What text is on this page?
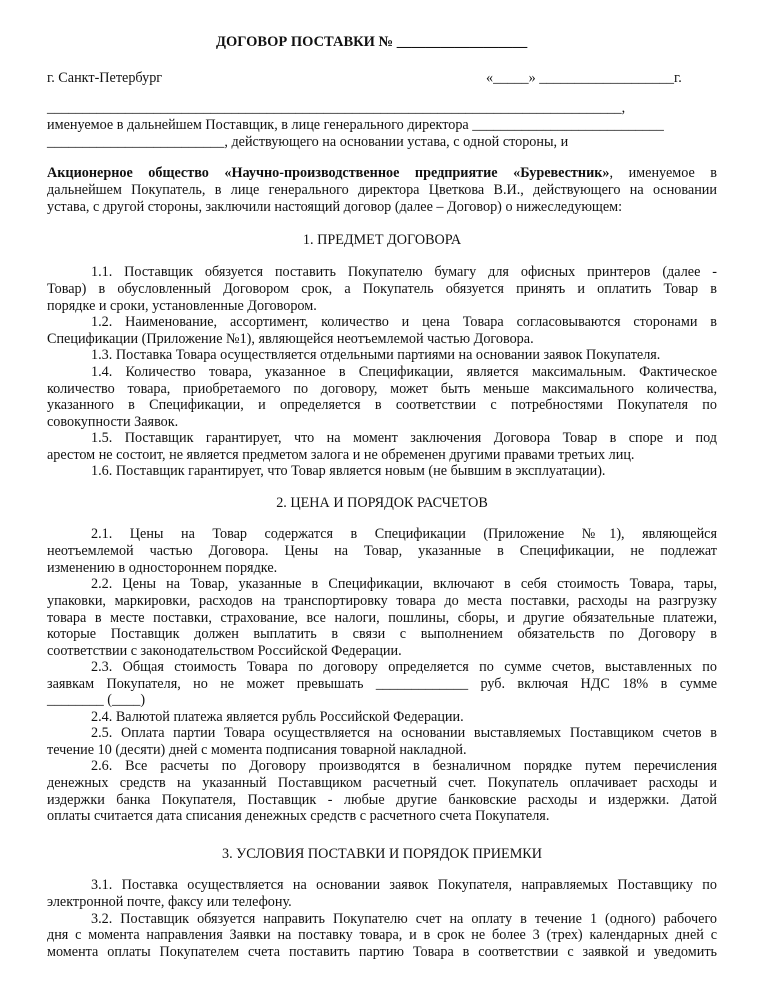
ДОГОВОР ПОСТАВКИ № __________________
г. Санкт-Петербург	«_____» ___________________г.
_________________________________________________________________________________,
именуемое в дальнейшем Поставщик, в лице генерального директора ___________________________
_________________________, действующего на основании устава, с одной стороны, и
Акционерное общество «Научно-производственное предприятие «Буревестник», именуемое в
дальнейшем Покупатель, в лице генерального директора Цветкова В.И., действующего на основании
устава, с другой стороны, заключили настоящий договор (далее – Договор) о нижеследующем:
1. ПРЕДМЕТ ДОГОВОРА
1.1. Поставщик обязуется поставить Покупателю бумагу для офисных принтеров (далее -
Товар) в обусловленный Договором срок, а Покупатель обязуется принять и оплатить Товар в
порядке и сроки, установленные Договором.
1.2. Наименование, ассортимент, количество и цена Товара согласовываются сторонами в
Спецификации (Приложение №1), являющейся неотъемлемой частью Договора.
1.3. Поставка Товара осуществляется отдельными партиями на основании заявок Покупателя.
1.4. Количество товара, указанное в Спецификации, является максимальным. Фактическое
количество товара, приобретаемого по договору, может быть меньше максимального количества,
указанного в Спецификации, и определяется в соответствии с потребностями Покупателя по
совокупности Заявок.
1.5. Поставщик гарантирует, что на момент заключения Договора Товар в споре и под
арестом не состоит, не является предметом залога и не обременен другими правами третьих лиц.
1.6. Поставщик гарантирует, что Товар является новым (не бывшим в эксплуатации).
2. ЦЕНА И ПОРЯДОК РАСЧЕТОВ
2.1. Цены на Товар содержатся в Спецификации (Приложение №1), являющейся
неотъемлемой частью Договора. Цены на Товар, указанные в Спецификации, не подлежат
изменению в одностороннем порядке.
2.2. Цены на Товар, указанные в Спецификации, включают в себя стоимость Товара, тары,
упаковки, маркировки, расходов на транспортировку товара до места поставки, расходы на разгрузку
товара в месте поставки, страхование, все налоги, пошлины, сборы, и другие обязательные платежи,
которые Поставщик должен выплатить в связи с выполнением обязательств по Договору в
соответствии с законодательством Российской Федерации.
2.3. Общая стоимость Товара по договору определяется по сумме счетов, выставленных по
заявкам Покупателя, но не может превышать _____________ руб. включая НДС 18% в сумме
________ (____)
2.4. Валютой платежа является рубль Российской Федерации.
2.5. Оплата партии Товара осуществляется на основании выставляемых Поставщиком счетов в
течение 10 (десяти) дней с момента подписания товарной накладной.
2.6. Все расчеты по Договору производятся в безналичном порядке путем перечисления
денежных средств на указанный Поставщиком расчетный счет. Покупатель оплачивает расходы и
издержки банка Покупателя, Поставщик - любые другие банковские расходы и издержки. Датой
оплаты считается дата списания денежных средств с расчетного счета Покупателя.
3. УСЛОВИЯ ПОСТАВКИ И ПОРЯДОК ПРИЕМКИ
3.1. Поставка осуществляется на основании заявок Покупателя, направляемых Поставщику по
электронной почте, факсу или телефону.
3.2. Поставщик обязуется направить Покупателю счет на оплату в течение 1 (одного) рабочего
дня с момента направления Заявки на поставку товара, и в срок не более 3 (трех) календарных дней с
момента оплаты Покупателем счета поставить партию Товара в соответствии с заявкой и уведомить
